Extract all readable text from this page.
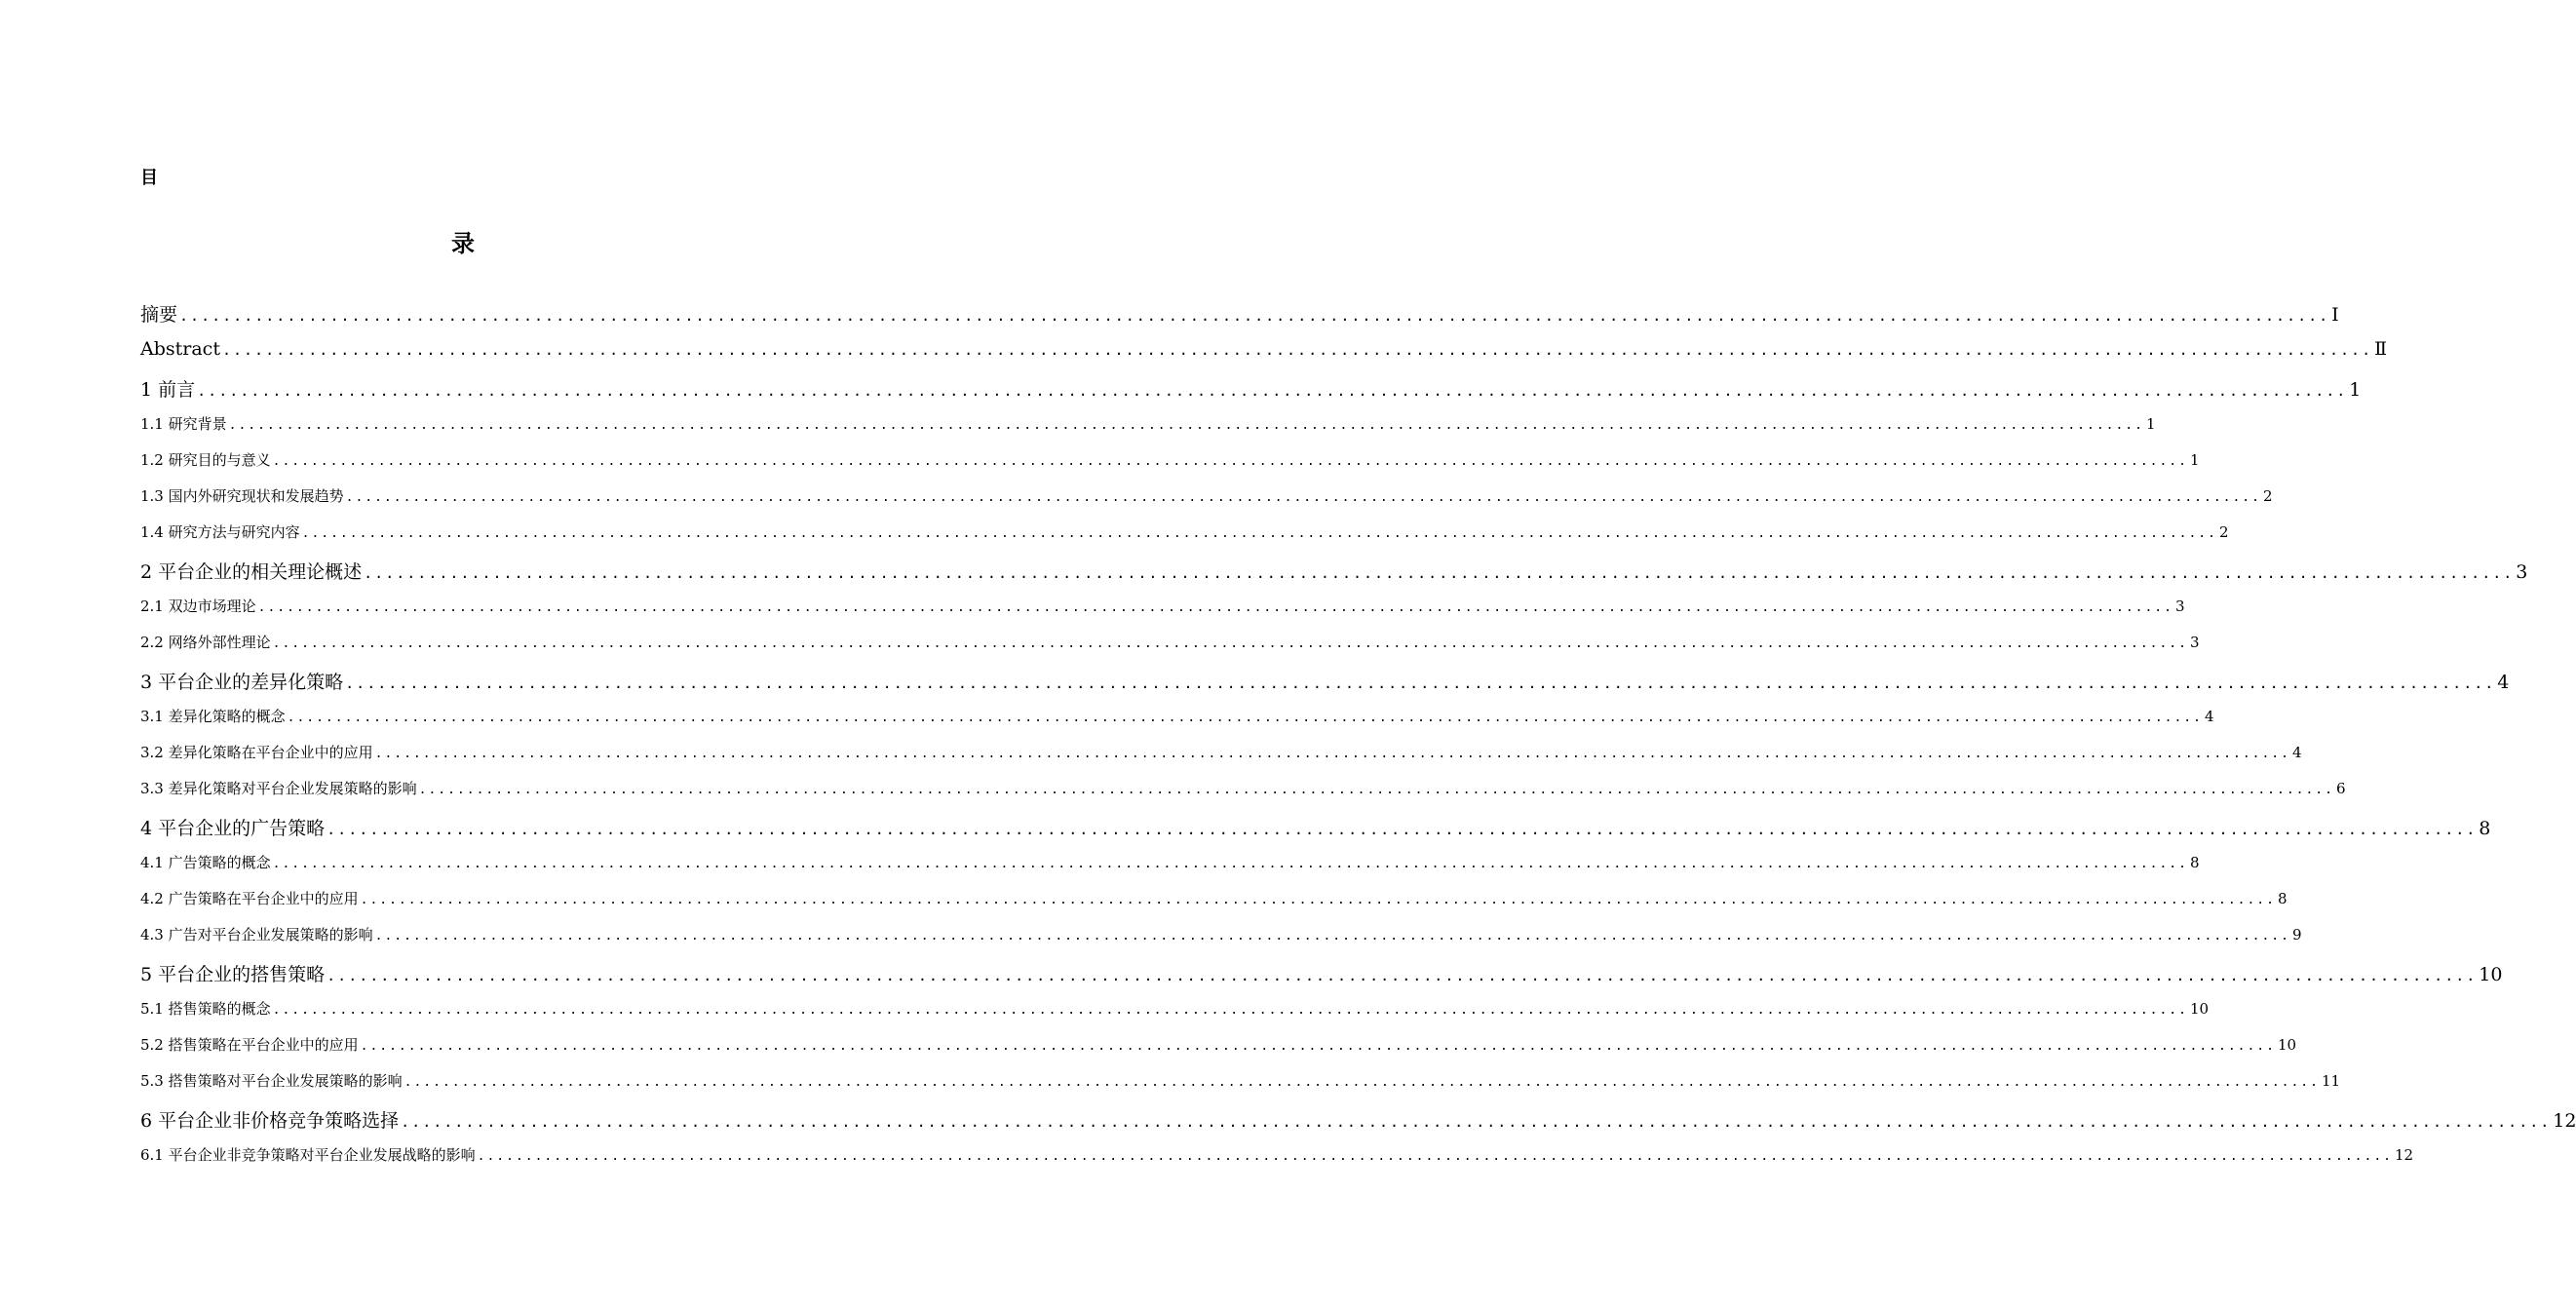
目
录
摘要 ........................................................................................................................................................................................................ Ⅰ
Abstract ........................................................................................................................................................................................................ Ⅱ
1 前言 ........................................................................................................................................................................................................ 1
1.1 研究背景 ........................................................................................................................................................................................................ 1
1.2 研究目的与意义 ........................................................................................................................................................................................................ 1
1.3 国内外研究现状和发展趋势 ........................................................................................................................................................................................................ 2
1.4 研究方法与研究内容 ........................................................................................................................................................................................................ 2
2 平台企业的相关理论概述 ........................................................................................................................................................................................................ 3
2.1 双边市场理论 ........................................................................................................................................................................................................ 3
2.2 网络外部性理论 ........................................................................................................................................................................................................ 3
3 平台企业的差异化策略 ........................................................................................................................................................................................................ 4
3.1 差异化策略的概念 ........................................................................................................................................................................................................ 4
3.2 差异化策略在平台企业中的应用 ........................................................................................................................................................................................................ 4
3.3 差异化策略对平台企业发展策略的影响 ........................................................................................................................................................................................................ 6
4 平台企业的广告策略 ........................................................................................................................................................................................................ 8
4.1 广告策略的概念 ........................................................................................................................................................................................................ 8
4.2 广告策略在平台企业中的应用 ........................................................................................................................................................................................................ 8
4.3 广告对平台企业发展策略的影响 ........................................................................................................................................................................................................ 9
5 平台企业的搭售策略 ........................................................................................................................................................................................................ 10
5.1 搭售策略的概念 ........................................................................................................................................................................................................ 10
5.2 搭售策略在平台企业中的应用 ........................................................................................................................................................................................................ 10
5.3 搭售策略对平台企业发展策略的影响 ........................................................................................................................................................................................................ 11
6 平台企业非价格竞争策略选择 ........................................................................................................................................................................................................ 12
6.1 平台企业非竞争策略对平台企业发展战略的影响 ........................................................................................................................................................................................................ 12
